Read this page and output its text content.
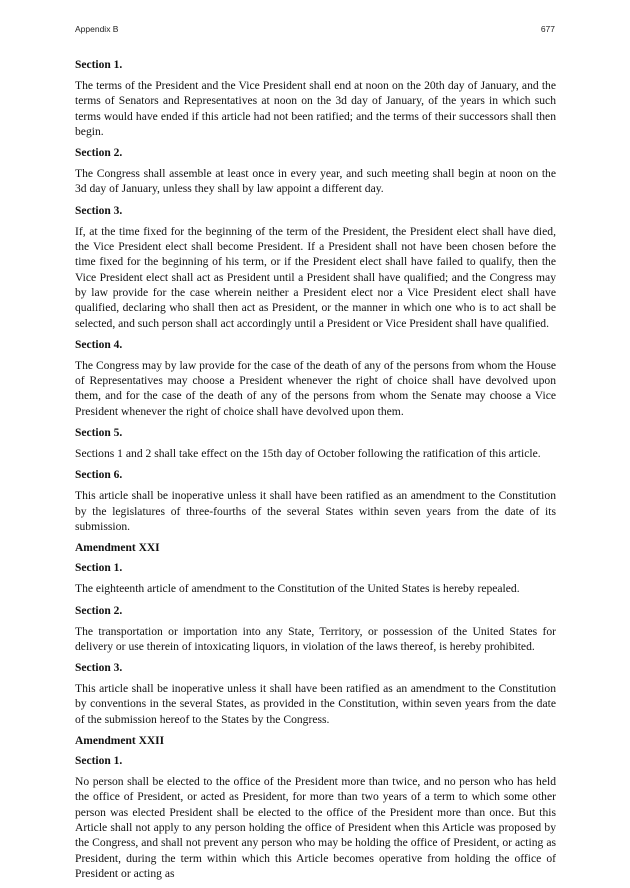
Appendix B	677
Section 1.
The terms of the President and the Vice President shall end at noon on the 20th day of January, and the terms of Senators and Representatives at noon on the 3d day of January, of the years in which such terms would have ended if this article had not been ratified; and the terms of their successors shall then begin.
Section 2.
The Congress shall assemble at least once in every year, and such meeting shall begin at noon on the 3d day of January, unless they shall by law appoint a different day.
Section 3.
If, at the time fixed for the beginning of the term of the President, the President elect shall have died, the Vice President elect shall become President. If a President shall not have been chosen before the time fixed for the beginning of his term, or if the President elect shall have failed to qualify, then the Vice President elect shall act as President until a President shall have qualified; and the Congress may by law provide for the case wherein neither a President elect nor a Vice President elect shall have qualified, declaring who shall then act as President, or the manner in which one who is to act shall be selected, and such person shall act accordingly until a President or Vice President shall have qualified.
Section 4.
The Congress may by law provide for the case of the death of any of the persons from whom the House of Representatives may choose a President whenever the right of choice shall have devolved upon them, and for the case of the death of any of the persons from whom the Senate may choose a Vice President whenever the right of choice shall have devolved upon them.
Section 5.
Sections 1 and 2 shall take effect on the 15th day of October following the ratification of this article.
Section 6.
This article shall be inoperative unless it shall have been ratified as an amendment to the Constitution by the legislatures of three-fourths of the several States within seven years from the date of its submission.
Amendment XXI
Section 1.
The eighteenth article of amendment to the Constitution of the United States is hereby repealed.
Section 2.
The transportation or importation into any State, Territory, or possession of the United States for delivery or use therein of intoxicating liquors, in violation of the laws thereof, is hereby prohibited.
Section 3.
This article shall be inoperative unless it shall have been ratified as an amendment to the Constitution by conventions in the several States, as provided in the Constitution, within seven years from the date of the submission hereof to the States by the Congress.
Amendment XXII
Section 1.
No person shall be elected to the office of the President more than twice, and no person who has held the office of President, or acted as President, for more than two years of a term to which some other person was elected President shall be elected to the office of the President more than once. But this Article shall not apply to any person holding the office of President when this Article was proposed by the Congress, and shall not prevent any person who may be holding the office of President, or acting as President, during the term within which this Article becomes operative from holding the office of President or acting as
